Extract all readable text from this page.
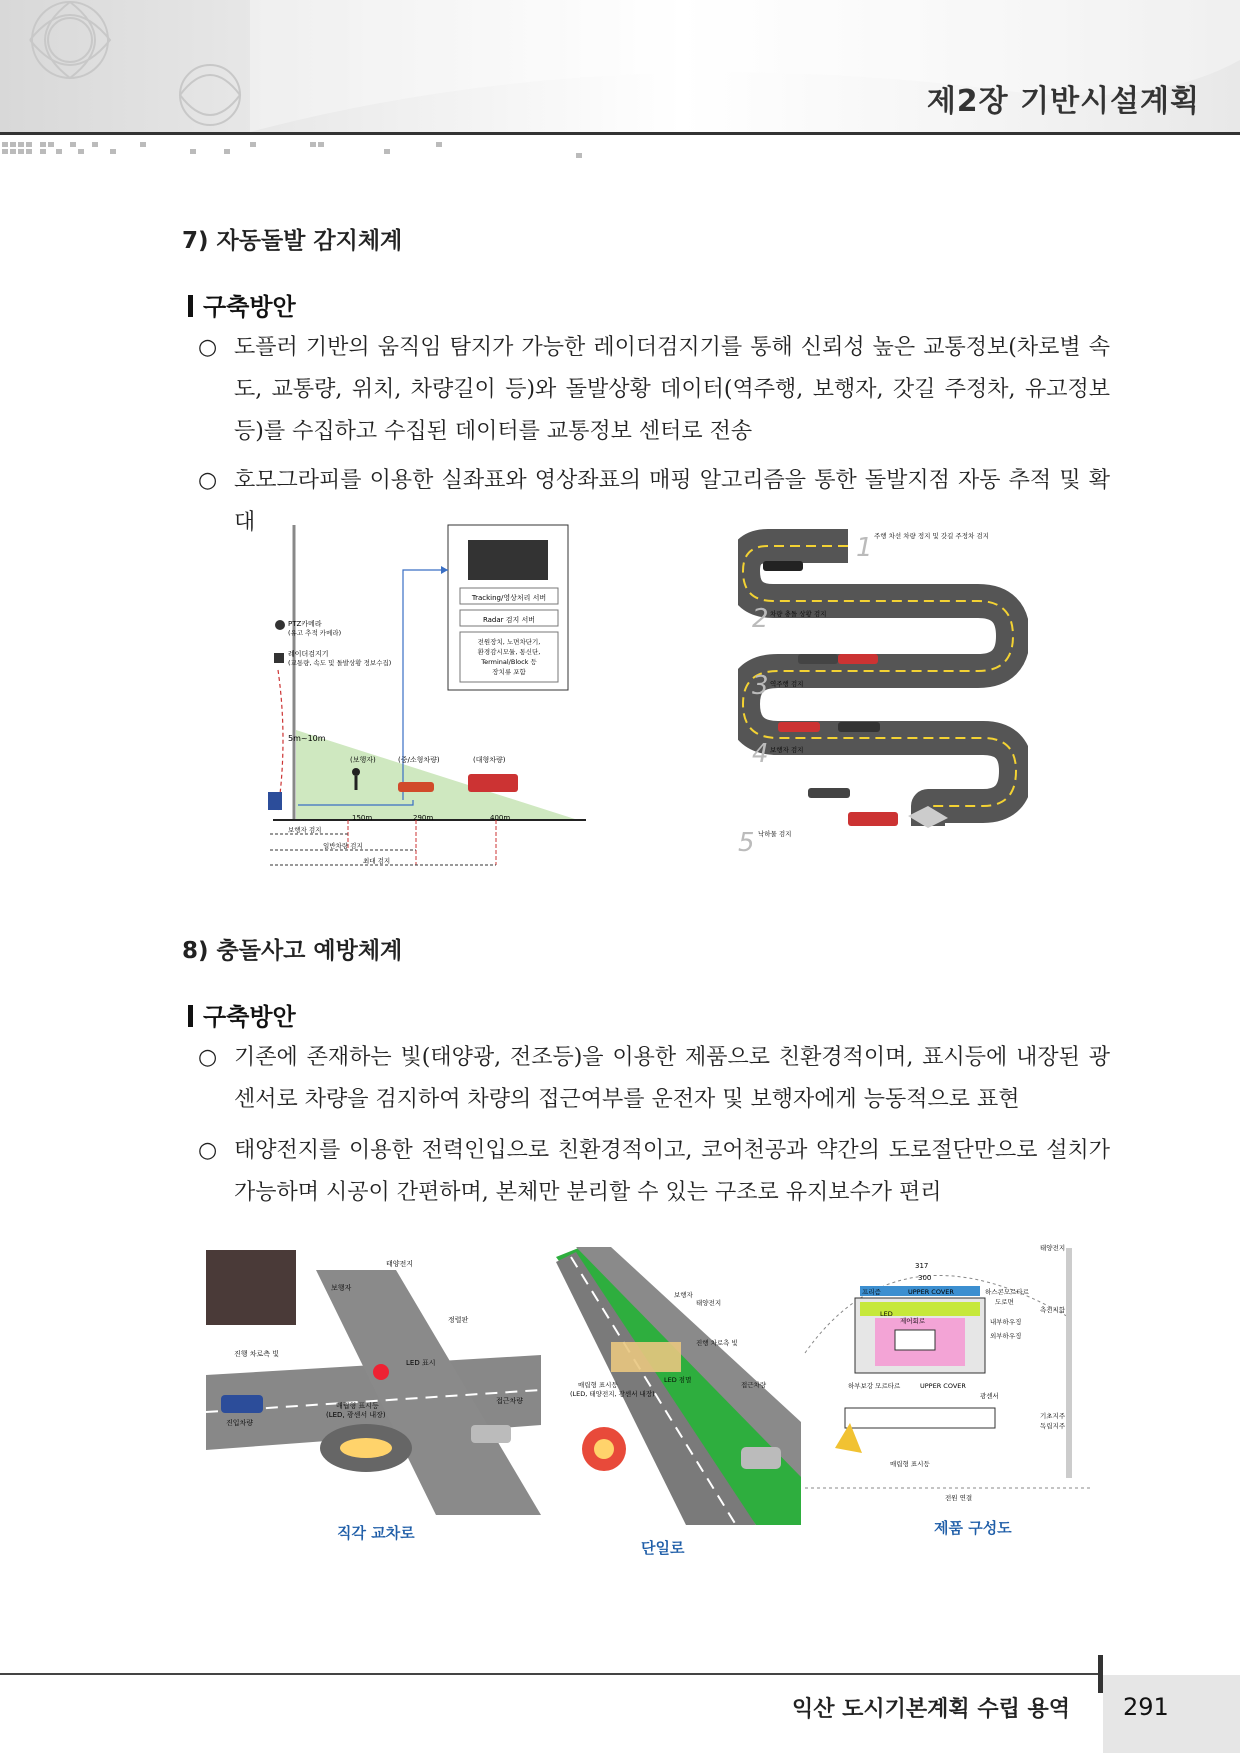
제2장 기반시설계획
7) 자동돌발 감지체계
구축방안
○ 도플러 기반의 움직임 탐지가 가능한 레이더검지기를 통해 신뢰성 높은 교통정보(차로별 속도, 교통량, 위치, 차량길이 등)와 돌발상황 데이터(역주행, 보행자, 갓길 주정차, 유고정보 등)를 수집하고 수집된 데이터를 교통정보 센터로 전송
○ 호모그라피를 이용한 실좌표와 영상좌표의 매핑 알고리즘을 통한 돌발지점 자동 추적 및 확대
Tracking/영상처리 서버
Radar 검지 서버
전원장치, 노면차단기,
환경감시모듈, 통신단,
Terminal/Block 등
장치류 포함
PTZ카메라
(유고 추적 카메라)
레이더검지기
(교통량, 속도 및 돌발상황 정보수집)
5m~10m
(보행자)
150m
(중/소형차량)
290m
(대형차량)
400m
보행자 검지
일반차량 검지
최대 검지
1 주행 차선 차량 정지 및 갓길 주정차 검지
2 차량 충돌 상황 검지
3 역주행 검지
4 보행자 검지
5 낙하물 검지
8) 충돌사고 예방체계
구축방안
○ 기존에 존재하는 빛(태양광, 전조등)을 이용한 제품으로 친환경적이며, 표시등에 내장된 광센서로 차량을 검지하여 차량의 접근여부를 운전자 및 보행자에게 능동적으로 표현
○ 태양전지를 이용한 전력인입으로 친환경적이고, 코어천공과 약간의 도로절단만으로 설치가 가능하며 시공이 간편하며, 본체만 분리할 수 있는 구조로 유지보수가 편리
태양전지
보행자
정렬판
진행 차로측 빛
LED 표시
접근차량
매립형 표시등
(LED, 광센서 내장)
진입차량
직각 교차로
보행자
태양전지
진행 차로측 빛
매립형 표시등
(LED, 태양전지, 광센서 내장)
LED 점멸
접근차량
단일로
317
300
태양전지
프리즘	UPPER COVER	하스콘모르타르
도로면
측전지함
LED
제어회로	내부하우징
외부하우징
하부보강 모르타르	UPPER COVER
광센서
기초지주
독립지주
매립형 표시등
전원 연결
제품 구성도
익산 도시기본계획 수립 용역 291
